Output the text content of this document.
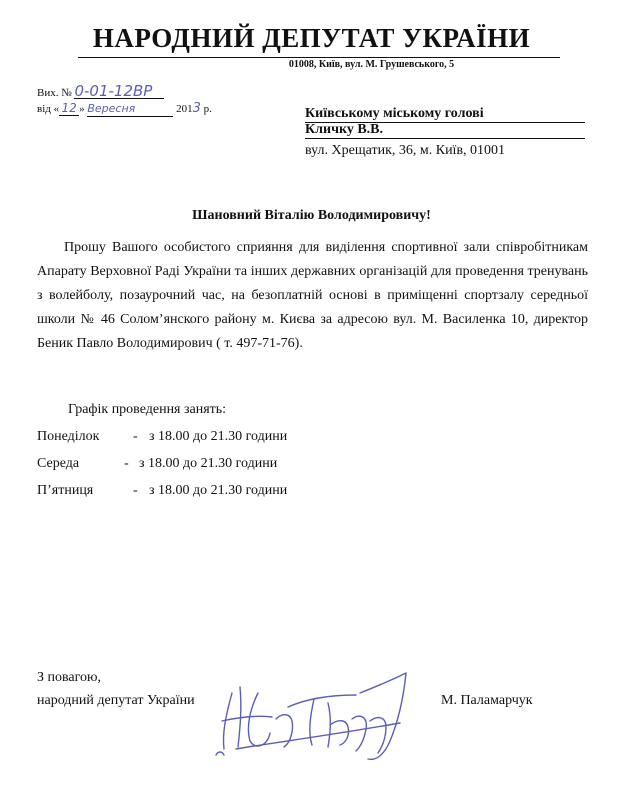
НАРОДНИЙ ДЕПУТАТ УКРАЇНИ
01008, Київ, вул. М. Грушевського, 5
Вих. № 0-01-12ВР
від « 12 » Вересня	2013 р.	Київському міському голові
Кличку В.В.
вул. Хрещатик, 36, м. Київ, 01001
Шановний Віталію Володимировичу!
Прошу Вашого особистого сприяння для виділення спортивної зали співробітникам Апарату Верховної Раді України та інших державних організацій для проведення тренувань з волейболу, позаурочний час, на безоплатній основі в приміщенні спортзалу середньої школи № 46 Солом’янского району м. Києва за адресою вул. М. Василенка 10, директор Беник Павло Володимирович ( т. 497-71-76).
Графік проведення занять:
Понеділок - з 18.00 до 21.30 години
Середа	- з 18.00 до 21.30 години
П’ятниця	- з 18.00 до 21.30 години
З повагою,
народний депутат України	М. Паламарчук
